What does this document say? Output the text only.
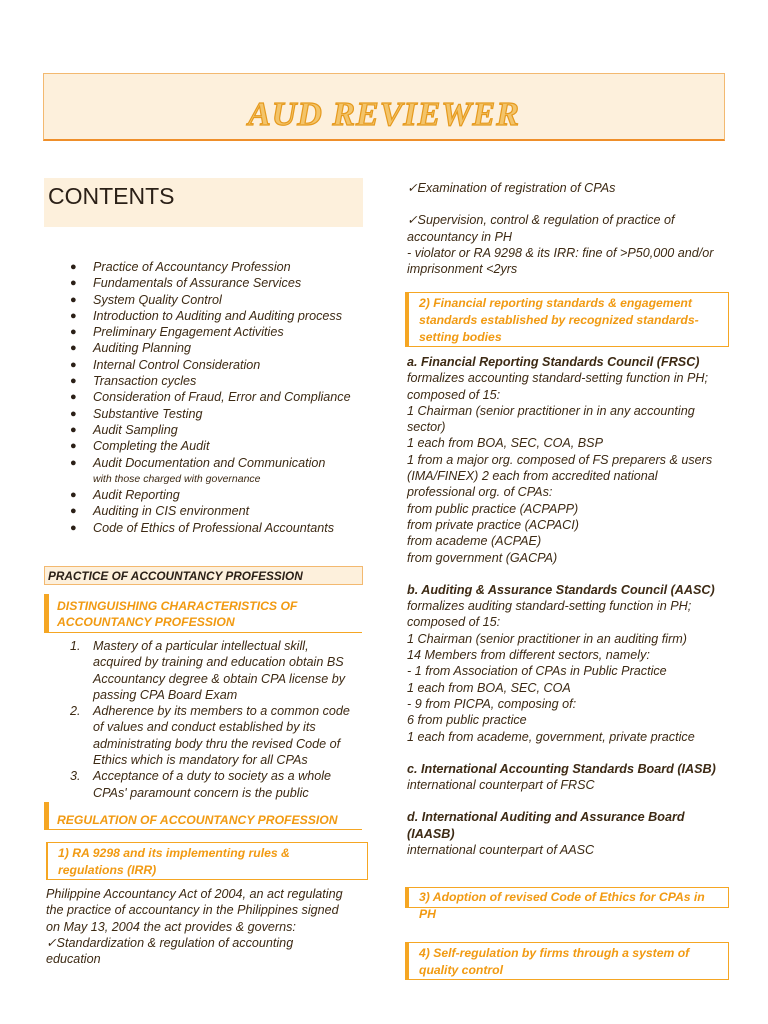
AUD REVIEWER
CONTENTS
●	Practice of Accountancy Profession
●	Fundamentals of Assurance Services
●	System Quality Control
●	Introduction to Auditing and Auditing process
●	Preliminary Engagement Activities
●	Auditing Planning
●	Internal Control Consideration
●	Transaction cycles
●	Consideration of Fraud, Error and Compliance
●	Substantive Testing
●	Audit Sampling
●	Completing the Audit
●	Audit Documentation and Communication
with those charged with governance
●	Audit Reporting
●	Auditing in CIS environment
●	Code of Ethics of Professional Accountants
PRACTICE OF ACCOUNTANCY PROFESSION
DISTINGUISHING CHARACTERISTICS OF
ACCOUNTANCY PROFESSION
1. Mastery of a particular intellectual skill,
acquired by training and education obtain BS
Accountancy degree & obtain CPA license by
passing CPA Board Exam
2. Adherence by its members to a common code
of values and conduct established by its
administrating body thru the revised Code of
Ethics which is mandatory for all CPAs
3. Acceptance of a duty to society as a whole
CPAs' paramount concern is the public
REGULATION OF ACCOUNTANCY PROFESSION
1) RA 9298 and its implementing rules &
regulations (IRR)
Philippine Accountancy Act of 2004, an act regulating
the practice of accountancy in the Philippines signed
on May 13, 2004 the act provides & governs:
✓Standardization & regulation of accounting
education
✓Examination of registration of CPAs
✓Supervision, control & regulation of practice of
accountancy in PH
- violator or RA 9298 & its IRR: fine of >P50,000 and/or
imprisonment <2yrs
2) Financial reporting standards & engagement
standards established by recognized standards-
setting bodies
a. Financial Reporting Standards Council (FRSC)
formalizes accounting standard-setting function in PH;
composed of 15:
1 Chairman (senior practitioner in in any accounting
sector)
1 each from BOA, SEC, COA, BSP
1 from a major org. composed of FS preparers & users
(IMA/FINEX) 2 each from accredited national
professional org. of CPAs:
from public practice (ACPAPP)
from private practice (ACPACI)
from academe (ACPAE)
from government (GACPA)
b. Auditing & Assurance Standards Council (AASC)
formalizes auditing standard-setting function in PH;
composed of 15:
1 Chairman (senior practitioner in an auditing firm)
14 Members from different sectors, namely:
- 1 from Association of CPAs in Public Practice
1 each from BOA, SEC, COA
- 9 from PICPA, composing of:
6 from public practice
1 each from academe, government, private practice
c. International Accounting Standards Board (IASB)
international counterpart of FRSC
d. International Auditing and Assurance Board
(IAASB)
international counterpart of AASC
3) Adoption of revised Code of Ethics for CPAs in PH
4) Self-regulation by firms through a system of
quality control
